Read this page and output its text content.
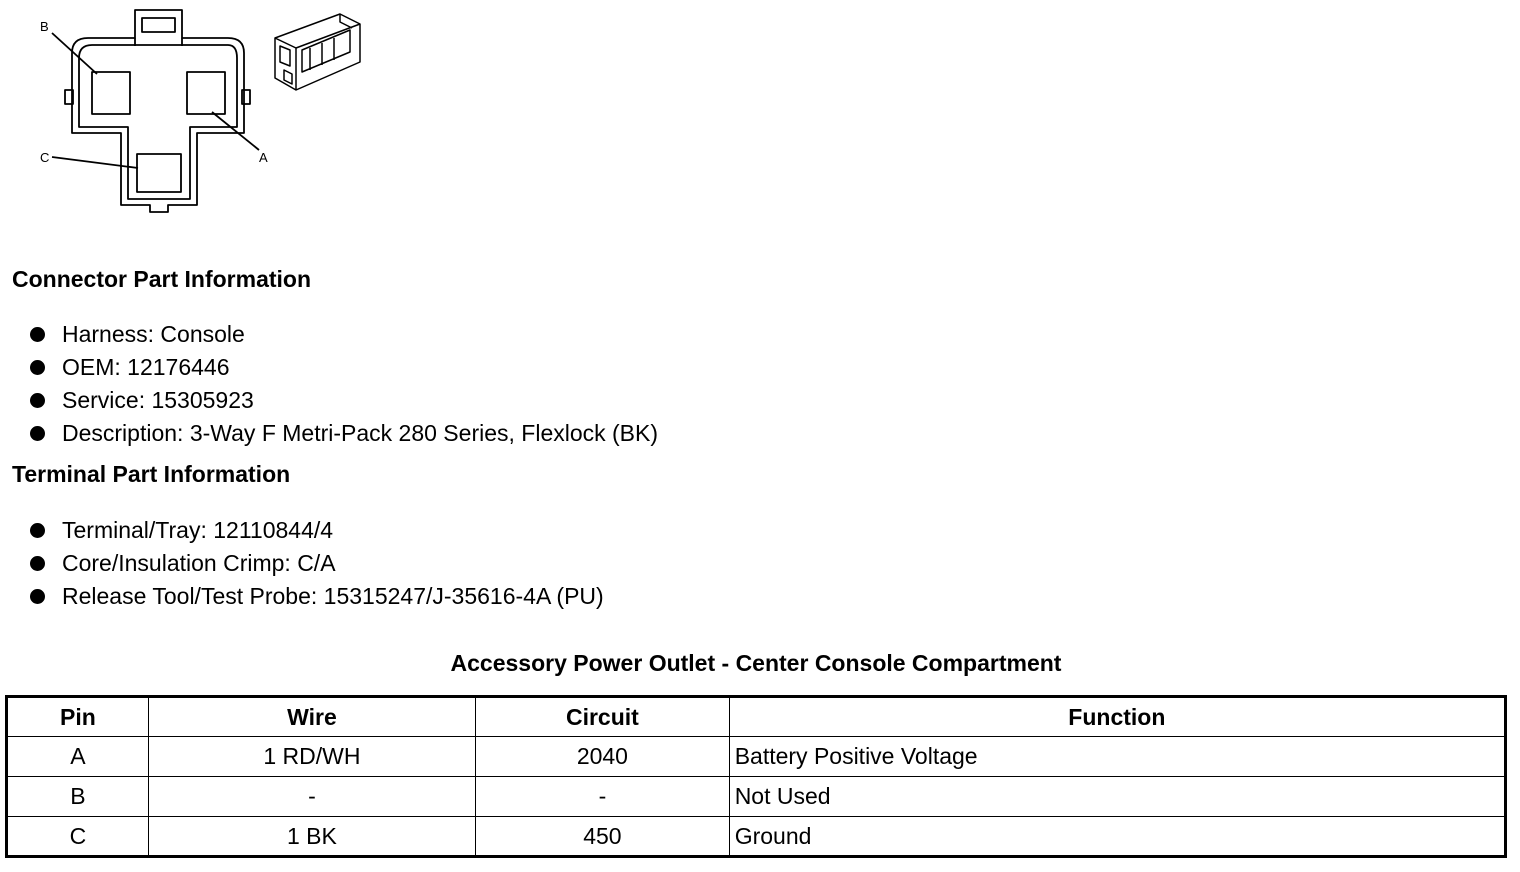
B
A
C
Connector Part Information
Harness: Console
OEM: 12176446
Service: 15305923
Description: 3-Way F Metri-Pack 280 Series, Flexlock (BK)
Terminal Part Information
Terminal/Tray: 12110844/4
Core/Insulation Crimp: C/A
Release Tool/Test Probe: 15315247/J-35616-4A (PU)
Accessory Power Outlet - Center Console Compartment
Pin	Wire	Circuit	Function
A	1 RD/WH	2040	Battery Positive Voltage
B	-	-	Not Used
C	1 BK	450	Ground
